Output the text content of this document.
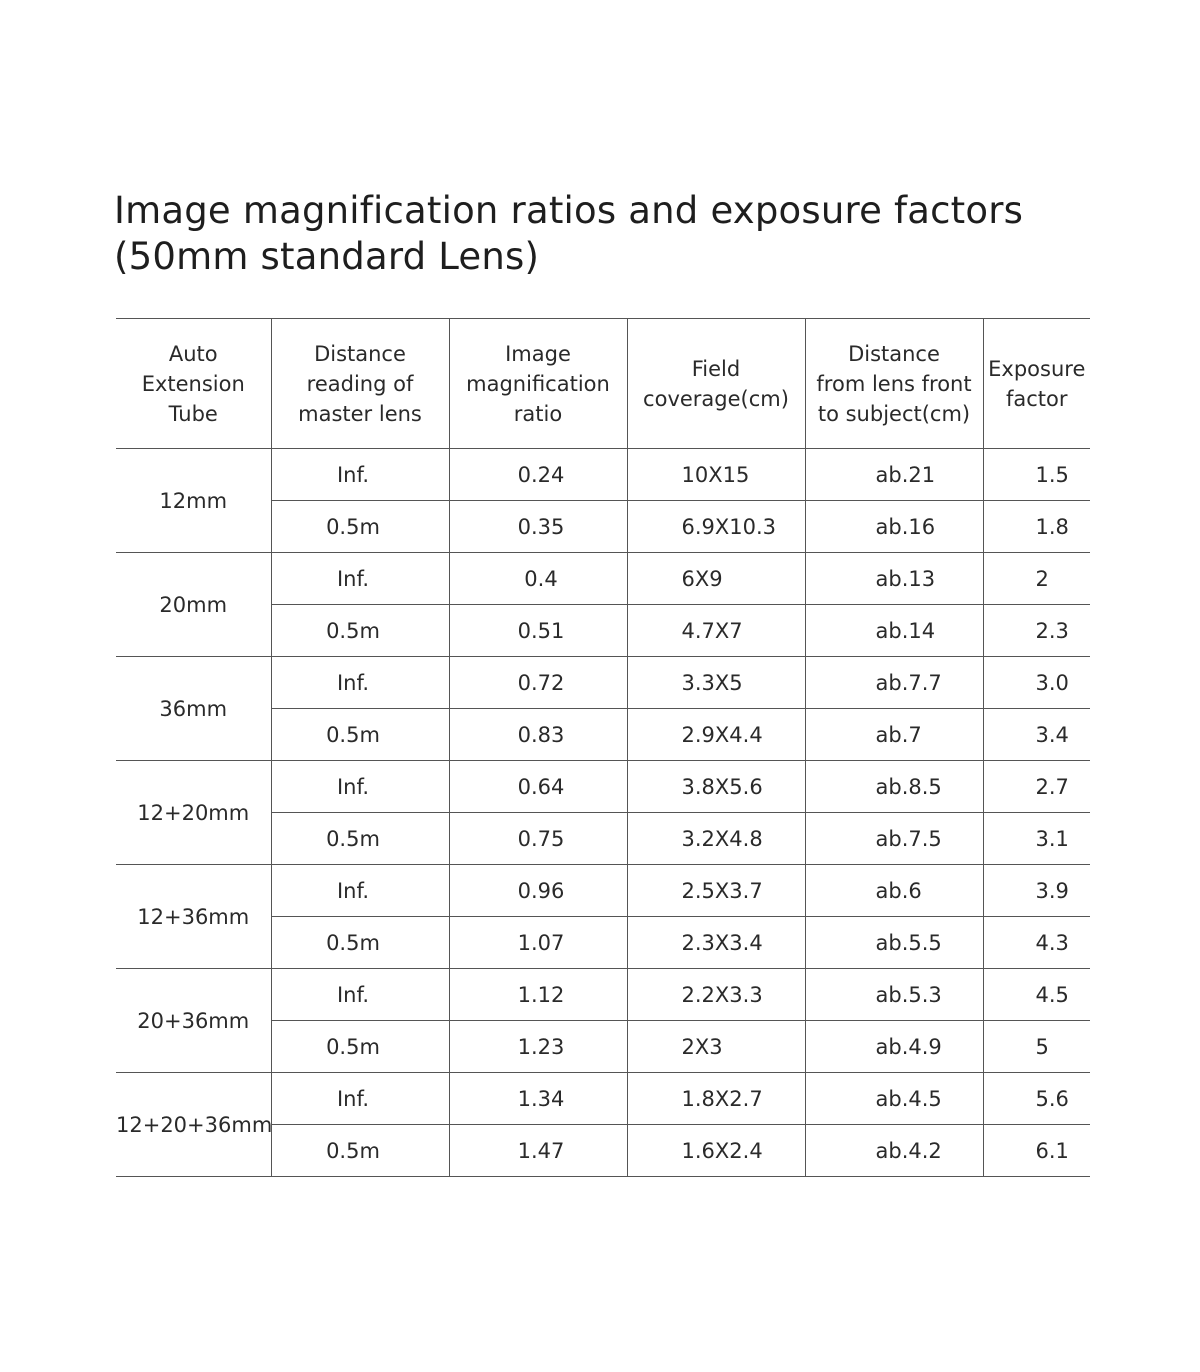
Image magnification ratios and exposure factors
(50mm standard Lens)
Auto
Extension
Tube	Distance
reading of
master lens	Image
magnification
ratio	Field
coverage(cm)	Distance
from lens front
to subject(cm)	Exposure
factor

12mm	Inf.	0.24	10X15	ab.21	1.5
	0.5m	0.35	6.9X10.3	ab.16	1.8
20mm	Inf.	0.4	6X9	ab.13	2
	0.5m	0.51	4.7X7	ab.14	2.3
36mm	Inf.	0.72	3.3X5	ab.7.7	3.0
	0.5m	0.83	2.9X4.4	ab.7	3.4
12+20mm	Inf.	0.64	3.8X5.6	ab.8.5	2.7
	0.5m	0.75	3.2X4.8	ab.7.5	3.1
12+36mm	Inf.	0.96	2.5X3.7	ab.6	3.9
	0.5m	1.07	2.3X3.4	ab.5.5	4.3
20+36mm	Inf.	1.12	2.2X3.3	ab.5.3	4.5
	0.5m	1.23	2X3	ab.4.9	5
12+20+36mm	Inf.	1.34	1.8X2.7	ab.4.5	5.6
	0.5m	1.47	1.6X2.4	ab.4.2	6.1
